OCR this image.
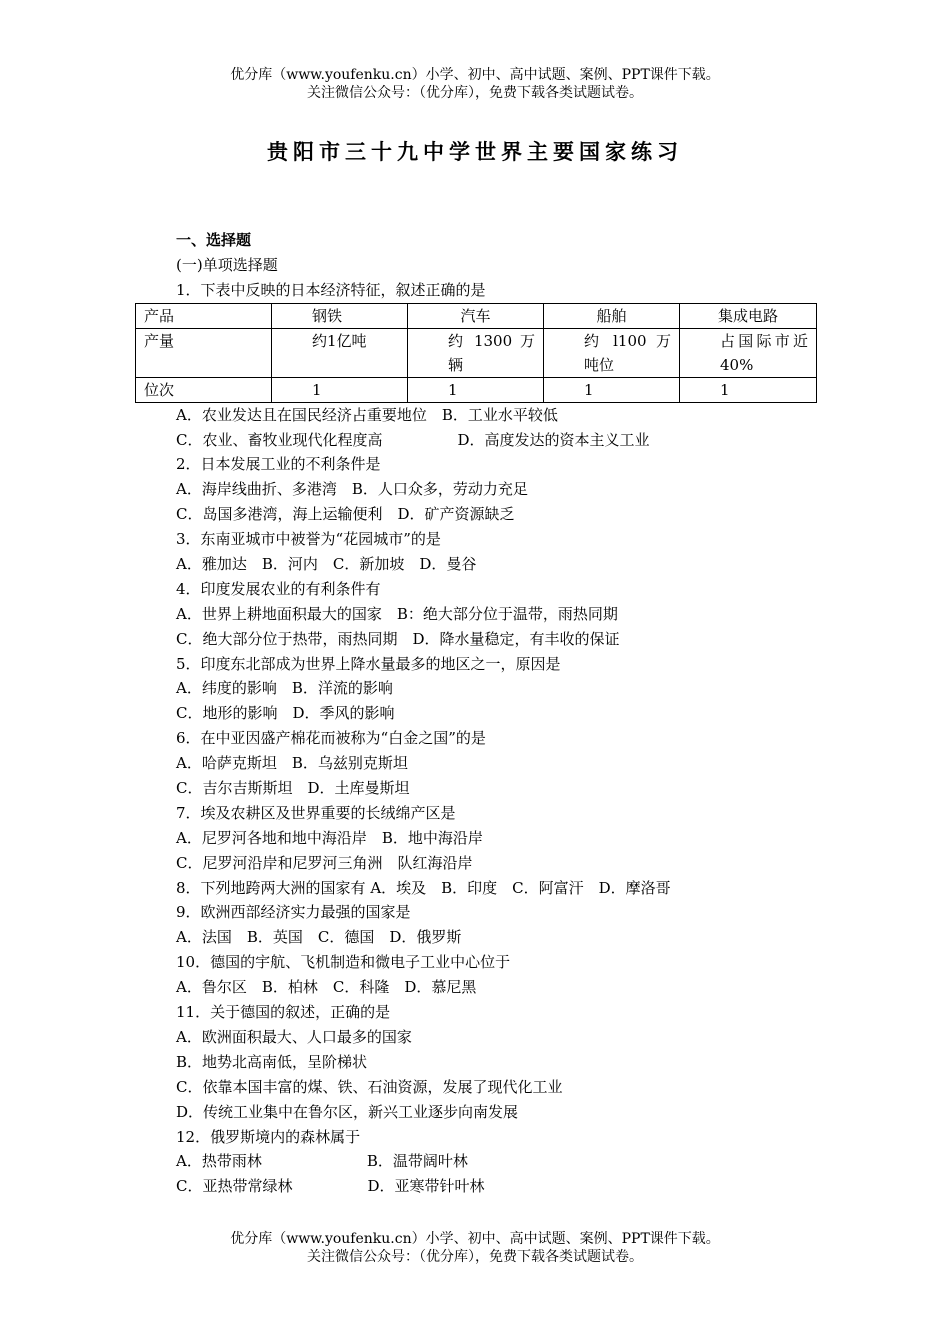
优分库（www.youfenku.cn）小学、初中、高中试题、案例、PPT课件下载。
关注微信公众号：（优分库），免费下载各类试题试卷。
贵阳市三十九中学世界主要国家练习
一、选择题
(一)单项选择题
1．下表中反映的日本经济特征，叙述正确的是
产品	钢铁	汽车	船舶	集成电路
产量	约1亿吨	约 1300 万辆	约 l100 万吨位	占国际市近40%
位次	1	1	1	1
A．农业发达且在国民经济占重要地位　B．工业水平较低
C．农业、畜牧业现代化程度高　　　　　D．高度发达的资本主义工业
2．日本发展工业的不利条件是
A．海岸线曲折、多港湾　B．人口众多，劳动力充足
C．岛国多港湾，海上运输便利　D．矿产资源缺乏
3．东南亚城市中被誉为“花园城市”的是
A．雅加达　B．河内　C．新加坡　D．曼谷
4．印度发展农业的有利条件有
A．世界上耕地面积最大的国家　B：绝大部分位于温带，雨热同期
C．绝大部分位于热带，雨热同期　D．降水量稳定，有丰收的保证
5．印度东北部成为世界上降水量最多的地区之一，原因是
A．纬度的影响　B．洋流的影响
C．地形的影响　D．季风的影响
6．在中亚因盛产棉花而被称为“白金之国”的是
A．哈萨克斯坦　B．乌兹别克斯坦
C．吉尔吉斯斯坦　D．土库曼斯坦
7．埃及农耕区及世界重要的长绒绵产区是
A．尼罗河各地和地中海沿岸　B．地中海沿岸
C．尼罗河沿岸和尼罗河三角洲　队红海沿岸
8．下列地跨两大洲的国家有 A．埃及　B．印度　C．阿富汗　D．摩洛哥
9．欧洲西部经济实力最强的国家是
A．法国　B．英国　C．德国　D．俄罗斯
10．德国的宇航、飞机制造和微电子工业中心位于
A．鲁尔区　B．柏林　C．科隆　D．慕尼黑
11．关于德国的叙述，正确的是
A．欧洲面积最大、人口最多的国家
B．地势北高南低，呈阶梯状
C．依靠本国丰富的煤、铁、石油资源，发展了现代化工业
D．传统工业集中在鲁尔区，新兴工业逐步向南发展
12．俄罗斯境内的森林属于
A．热带雨林　　　　　　　B．温带阔叶林
C．亚热带常绿林　　　　　D．亚寒带针叶林
优分库（www.youfenku.cn）小学、初中、高中试题、案例、PPT课件下载。
关注微信公众号：（优分库），免费下载各类试题试卷。
